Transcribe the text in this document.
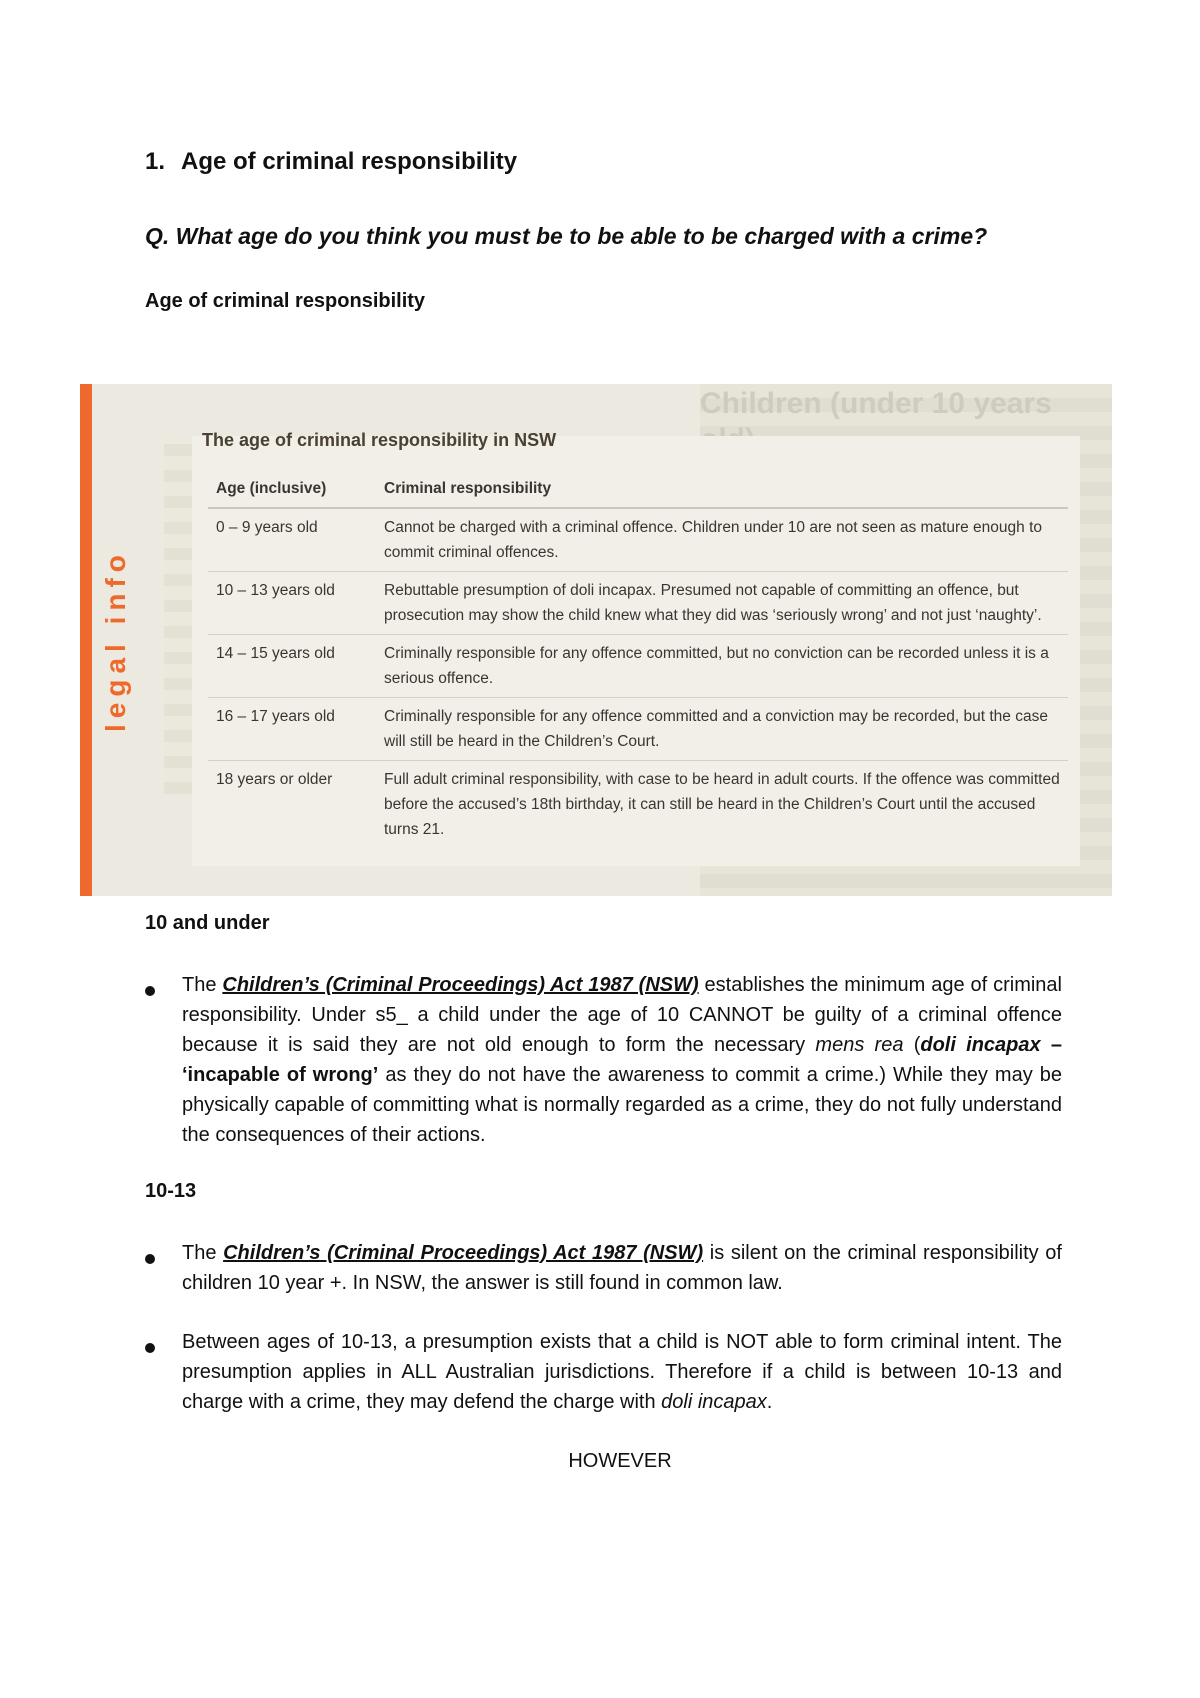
1. Age of criminal responsibility
Q. What age do you think you must be to be able to be charged with a crime?
Age of criminal responsibility
legal info
Children (under 10 years
The age of criminal responsibility in NSW
Age (inclusive)	Criminal responsibility
0 – 9 years old	Cannot be charged with a criminal offence. Children under 10 are not seen as mature enough to commit criminal offences.
10 – 13 years old	Rebuttable presumption of doli incapax. Presumed not capable of committing an offence, but prosecution may show the child knew what they did was ‘seriously wrong’ and not just ‘naughty’.
14 – 15 years old	Criminally responsible for any offence committed, but no conviction can be recorded unless it is a serious offence.
16 – 17 years old	Criminally responsible for any offence committed and a conviction may be recorded, but the case will still be heard in the Children’s Court.
18 years or older	Full adult criminal responsibility, with case to be heard in adult courts. If the offence was committed before the accused’s 18th birthday, it can still be heard in the Children’s Court until the accused turns 21.
10 and under
The Children’s (Criminal Proceedings) Act 1987 (NSW) establishes the minimum age of criminal responsibility. Under s5_ a child under the age of 10 CANNOT be guilty of a criminal offence because it is said they are not old enough to form the necessary mens rea (doli incapax – ‘incapable of wrong’ as they do not have the awareness to commit a crime.) While they may be physically capable of committing what is normally regarded as a crime, they do not fully understand the consequences of their actions.
10-13
The Children’s (Criminal Proceedings) Act 1987 (NSW) is silent on the criminal responsibility of children 10 year +. In NSW, the answer is still found in common law.
Between ages of 10-13, a presumption exists that a child is NOT able to form criminal intent. The presumption applies in ALL Australian jurisdictions. Therefore if a child is between 10-13 and charge with a crime, they may defend the charge with doli incapax.
HOWEVER
